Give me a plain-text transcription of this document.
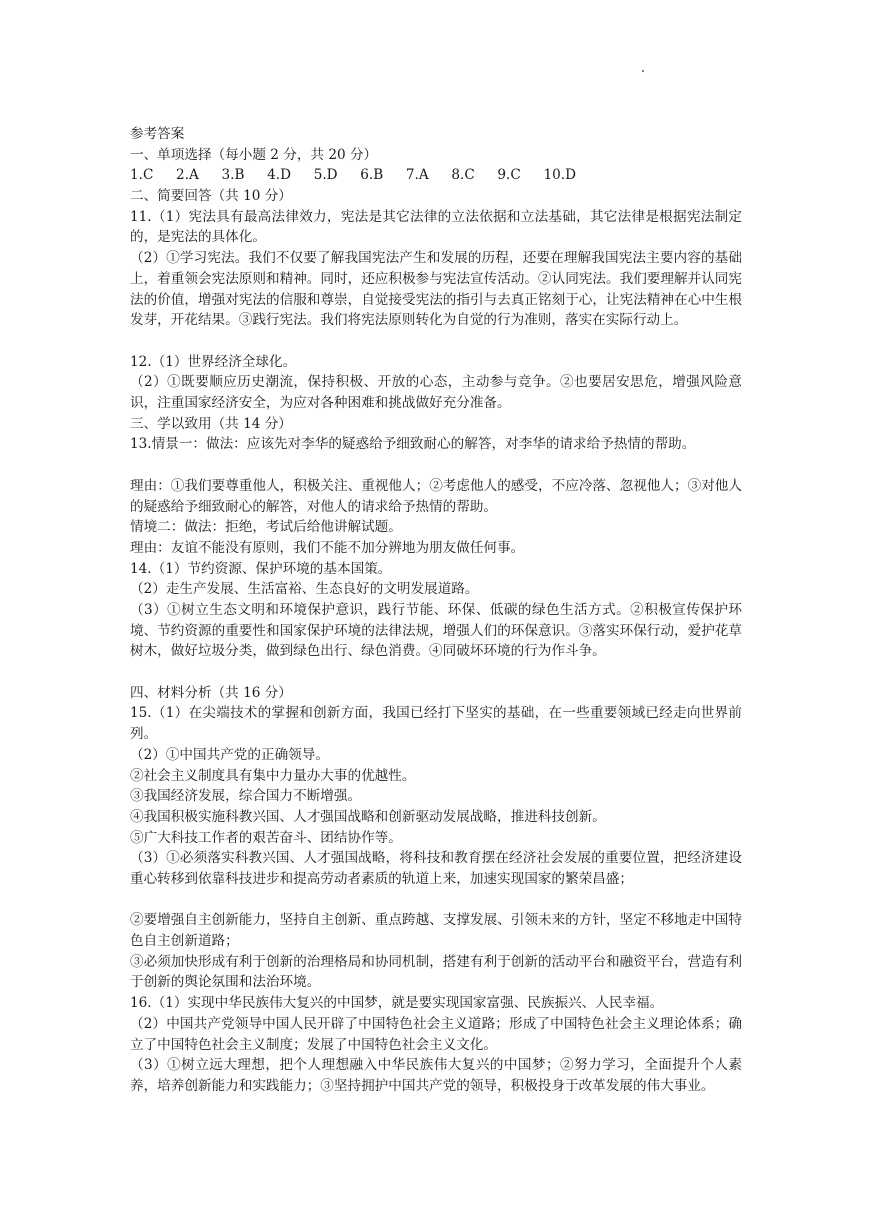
参考答案
一、单项选择（每小题 2 分，共 20 分）
1.C 2.A 3.B 4.D 5.D 6.B 7.A 8.C 9.C 10.D
二、简要回答（共 10 分）
11.（1）宪法具有最高法律效力，宪法是其它法律的立法依据和立法基础，其它法律是根据宪法制定的，是宪法的具体化。
（2）①学习宪法。我们不仅要了解我国宪法产生和发展的历程，还要在理解我国宪法主要内容的基础上，着重领会宪法原则和精神。同时，还应积极参与宪法宣传活动。②认同宪法。我们要理解并认同宪法的价值，增强对宪法的信服和尊崇，自觉接受宪法的指引与去真正铭刻于心，让宪法精神在心中生根发芽，开花结果。③践行宪法。我们将宪法原则转化为自觉的行为准则，落实在实际行动上。
12.（1）世界经济全球化。
（2）①既要顺应历史潮流，保持积极、开放的心态，主动参与竞争。②也要居安思危，增强风险意识，注重国家经济安全，为应对各种困难和挑战做好充分准备。
三、学以致用（共 14 分）
13.情景一：做法：应该先对李华的疑惑给予细致耐心的解答，对李华的请求给予热情的帮助。
理由：①我们要尊重他人，积极关注、重视他人；②考虑他人的感受，不应冷落、忽视他人；③对他人的疑惑给予细致耐心的解答，对他人的请求给予热情的帮助。
情境二：做法：拒绝，考试后给他讲解试题。
理由：友谊不能没有原则，我们不能不加分辨地为朋友做任何事。
14.（1）节约资源、保护环境的基本国策。
（2）走生产发展、生活富裕、生态良好的文明发展道路。
（3）①树立生态文明和环境保护意识，践行节能、环保、低碳的绿色生活方式。②积极宣传保护环境、节约资源的重要性和国家保护环境的法律法规，增强人们的环保意识。③落实环保行动，爱护花草树木，做好垃圾分类，做到绿色出行、绿色消费。④同破坏环境的行为作斗争。
四、材料分析（共 16 分）
15.（1）在尖端技术的掌握和创新方面，我国已经打下坚实的基础，在一些重要领域已经走向世界前列。
（2）①中国共产党的正确领导。
②社会主义制度具有集中力量办大事的优越性。
③我国经济发展，综合国力不断增强。
④我国积极实施科教兴国、人才强国战略和创新驱动发展战略，推进科技创新。
⑤广大科技工作者的艰苦奋斗、团结协作等。
（3）①必须落实科教兴国、人才强国战略，将科技和教育摆在经济社会发展的重要位置，把经济建设重心转移到依靠科技进步和提高劳动者素质的轨道上来，加速实现国家的繁荣昌盛；
②要增强自主创新能力，坚持自主创新、重点跨越、支撑发展、引领未来的方针，坚定不移地走中国特色自主创新道路；
③必须加快形成有利于创新的治理格局和协同机制，搭建有利于创新的活动平台和融资平台，营造有利于创新的舆论氛围和法治环境。
16.（1）实现中华民族伟大复兴的中国梦，就是要实现国家富强、民族振兴、人民幸福。
（2）中国共产党领导中国人民开辟了中国特色社会主义道路；形成了中国特色社会主义理论体系；确立了中国特色社会主义制度；发展了中国特色社会主义文化。
（3）①树立远大理想，把个人理想融入中华民族伟大复兴的中国梦；②努力学习，全面提升个人素养，培养创新能力和实践能力；③坚持拥护中国共产党的领导，积极投身于改革发展的伟大事业。
